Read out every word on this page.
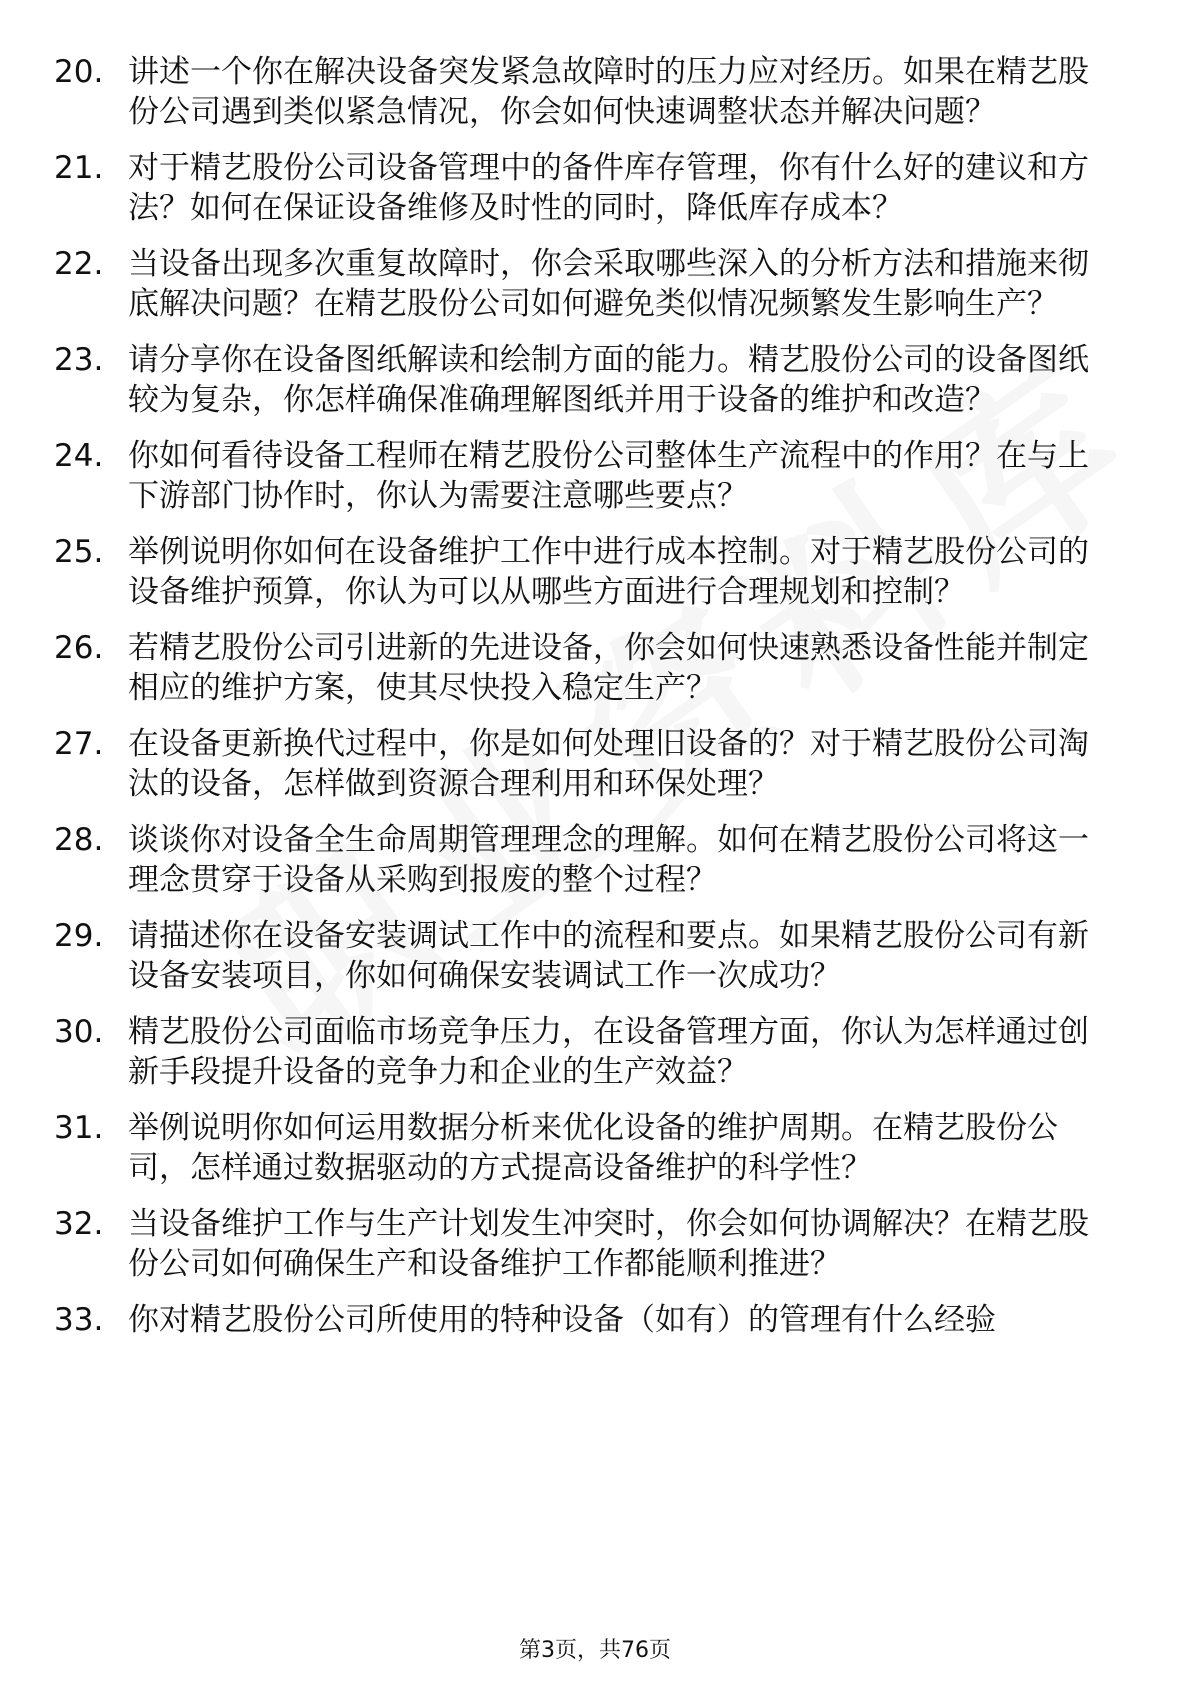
20. 讲述一个你在解决设备突发紧急故障时的压力应对经历。如果在精艺股份公司遇到类似紧急情况，你会如何快速调整状态并解决问题？
21. 对于精艺股份公司设备管理中的备件库存管理，你有什么好的建议和方法？如何在保证设备维修及时性的同时，降低库存成本？
22. 当设备出现多次重复故障时，你会采取哪些深入的分析方法和措施来彻底解决问题？在精艺股份公司如何避免类似情况频繁发生影响生产？
23. 请分享你在设备图纸解读和绘制方面的能力。精艺股份公司的设备图纸较为复杂，你怎样确保准确理解图纸并用于设备的维护和改造？
24. 你如何看待设备工程师在精艺股份公司整体生产流程中的作用？在与上下游部门协作时，你认为需要注意哪些要点？
25. 举例说明你如何在设备维护工作中进行成本控制。对于精艺股份公司的设备维护预算，你认为可以从哪些方面进行合理规划和控制？
26. 若精艺股份公司引进新的先进设备，你会如何快速熟悉设备性能并制定相应的维护方案，使其尽快投入稳定生产？
27. 在设备更新换代过程中，你是如何处理旧设备的？对于精艺股份公司淘汰的设备，怎样做到资源合理利用和环保处理？
28. 谈谈你对设备全生命周期管理理念的理解。如何在精艺股份公司将这一理念贯穿于设备从采购到报废的整个过程？
29. 请描述你在设备安装调试工作中的流程和要点。如果精艺股份公司有新设备安装项目，你如何确保安装调试工作一次成功？
30. 精艺股份公司面临市场竞争压力，在设备管理方面，你认为怎样通过创新手段提升设备的竞争力和企业的生产效益？
31. 举例说明你如何运用数据分析来优化设备的维护周期。在精艺股份公司，怎样通过数据驱动的方式提高设备维护的科学性？
32. 当设备维护工作与生产计划发生冲突时，你会如何协调解决？在精艺股份公司如何确保生产和设备维护工作都能顺利推进？
33. 你对精艺股份公司所使用的特种设备（如有）的管理有什么经验
第3页，共76页
